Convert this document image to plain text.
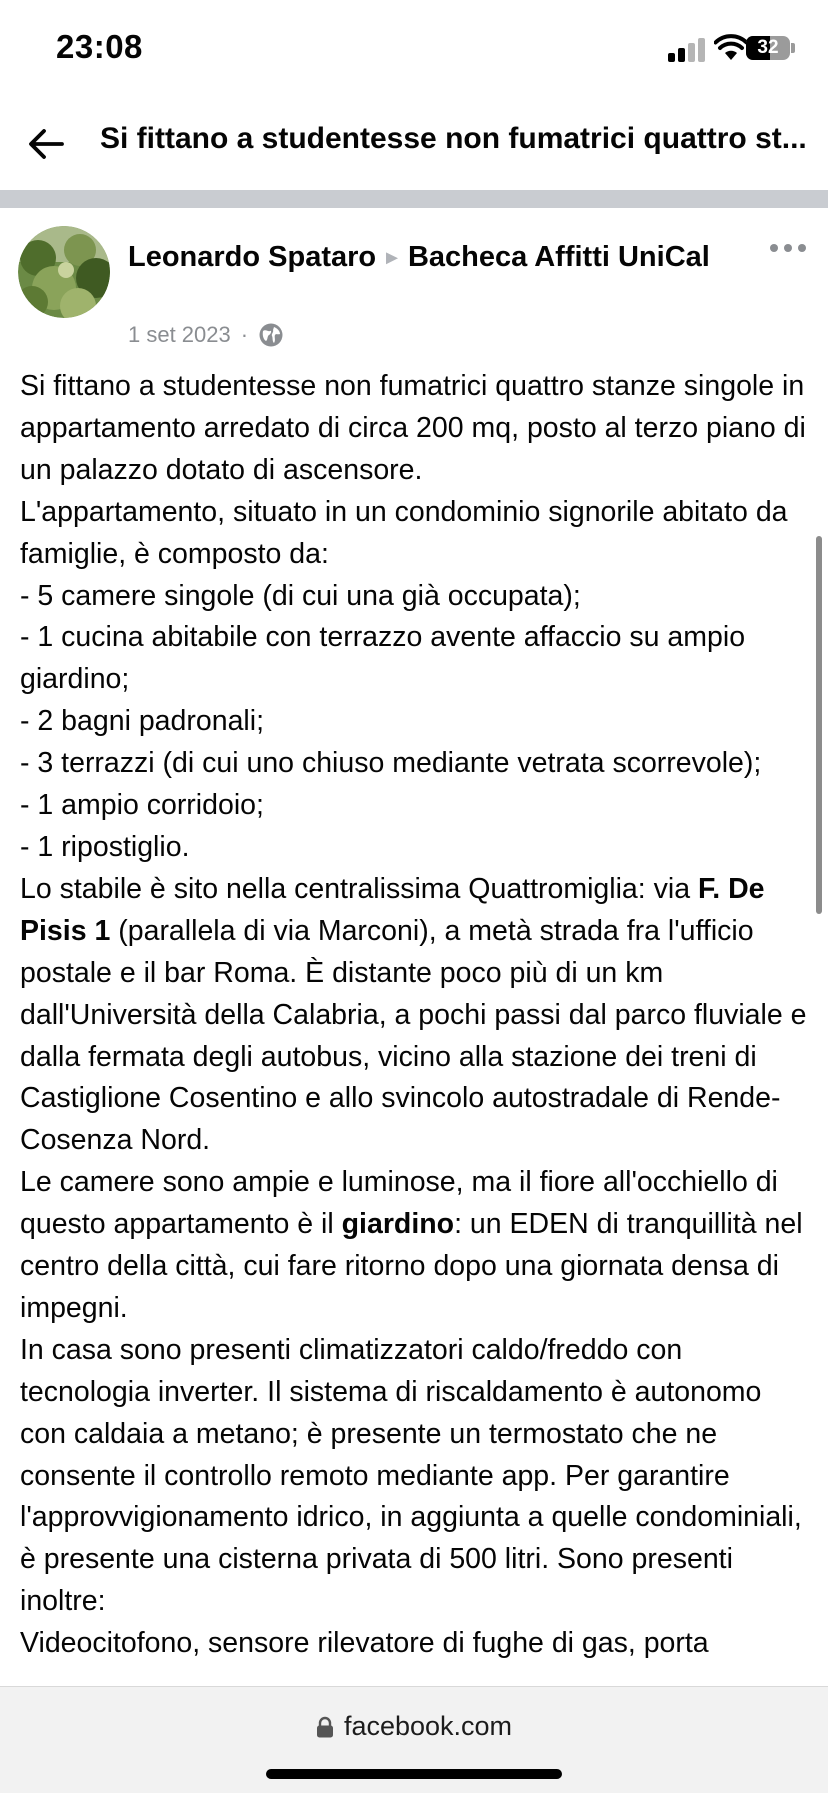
23:08	32
Si fittano a studentesse non fumatrici quattro st...
Leonardo Spataro ► Bacheca Affitti UniCal
1 set 2023 ·

Si fittano a studentesse non fumatrici quattro stanze singole in appartamento arredato di circa 200 mq, posto al terzo piano di un palazzo dotato di ascensore.

L'appartamento, situato in un condominio signorile abitato da famiglie, è composto da:

- 5 camere singole (di cui una già occupata);

- 1 cucina abitabile con terrazzo avente affaccio su ampio giardino;

- 2 bagni padronali;

- 3 terrazzi (di cui uno chiuso mediante vetrata scorrevole);

- 1 ampio corridoio;

- 1 ripostiglio.

Lo stabile è sito nella centralissima Quattromiglia: via F. De Pisis 1 (parallela di via Marconi), a metà strada fra l'ufficio postale e il bar Roma. È distante poco più di un km dall'Università della Calabria, a pochi passi dal parco fluviale e dalla fermata degli autobus, vicino alla stazione dei treni di Castiglione Cosentino e allo svincolo autostradale di Rende-Cosenza Nord.

Le camere sono ampie e luminose, ma il fiore all'occhiello di questo appartamento è il giardino: un EDEN di tranquillità nel centro della città, cui fare ritorno dopo una giornata densa di impegni.

In casa sono presenti climatizzatori caldo/freddo con tecnologia inverter. Il sistema di riscaldamento è autonomo con caldaia a metano; è presente un termostato che ne consente il controllo remoto mediante app. Per garantire l'approvvigionamento idrico, in aggiunta a quelle condominiali, è presente una cisterna privata di 500 litri. Sono presenti inoltre:

Videocitofono, sensore rilevatore di fughe di gas, porta

facebook.com
